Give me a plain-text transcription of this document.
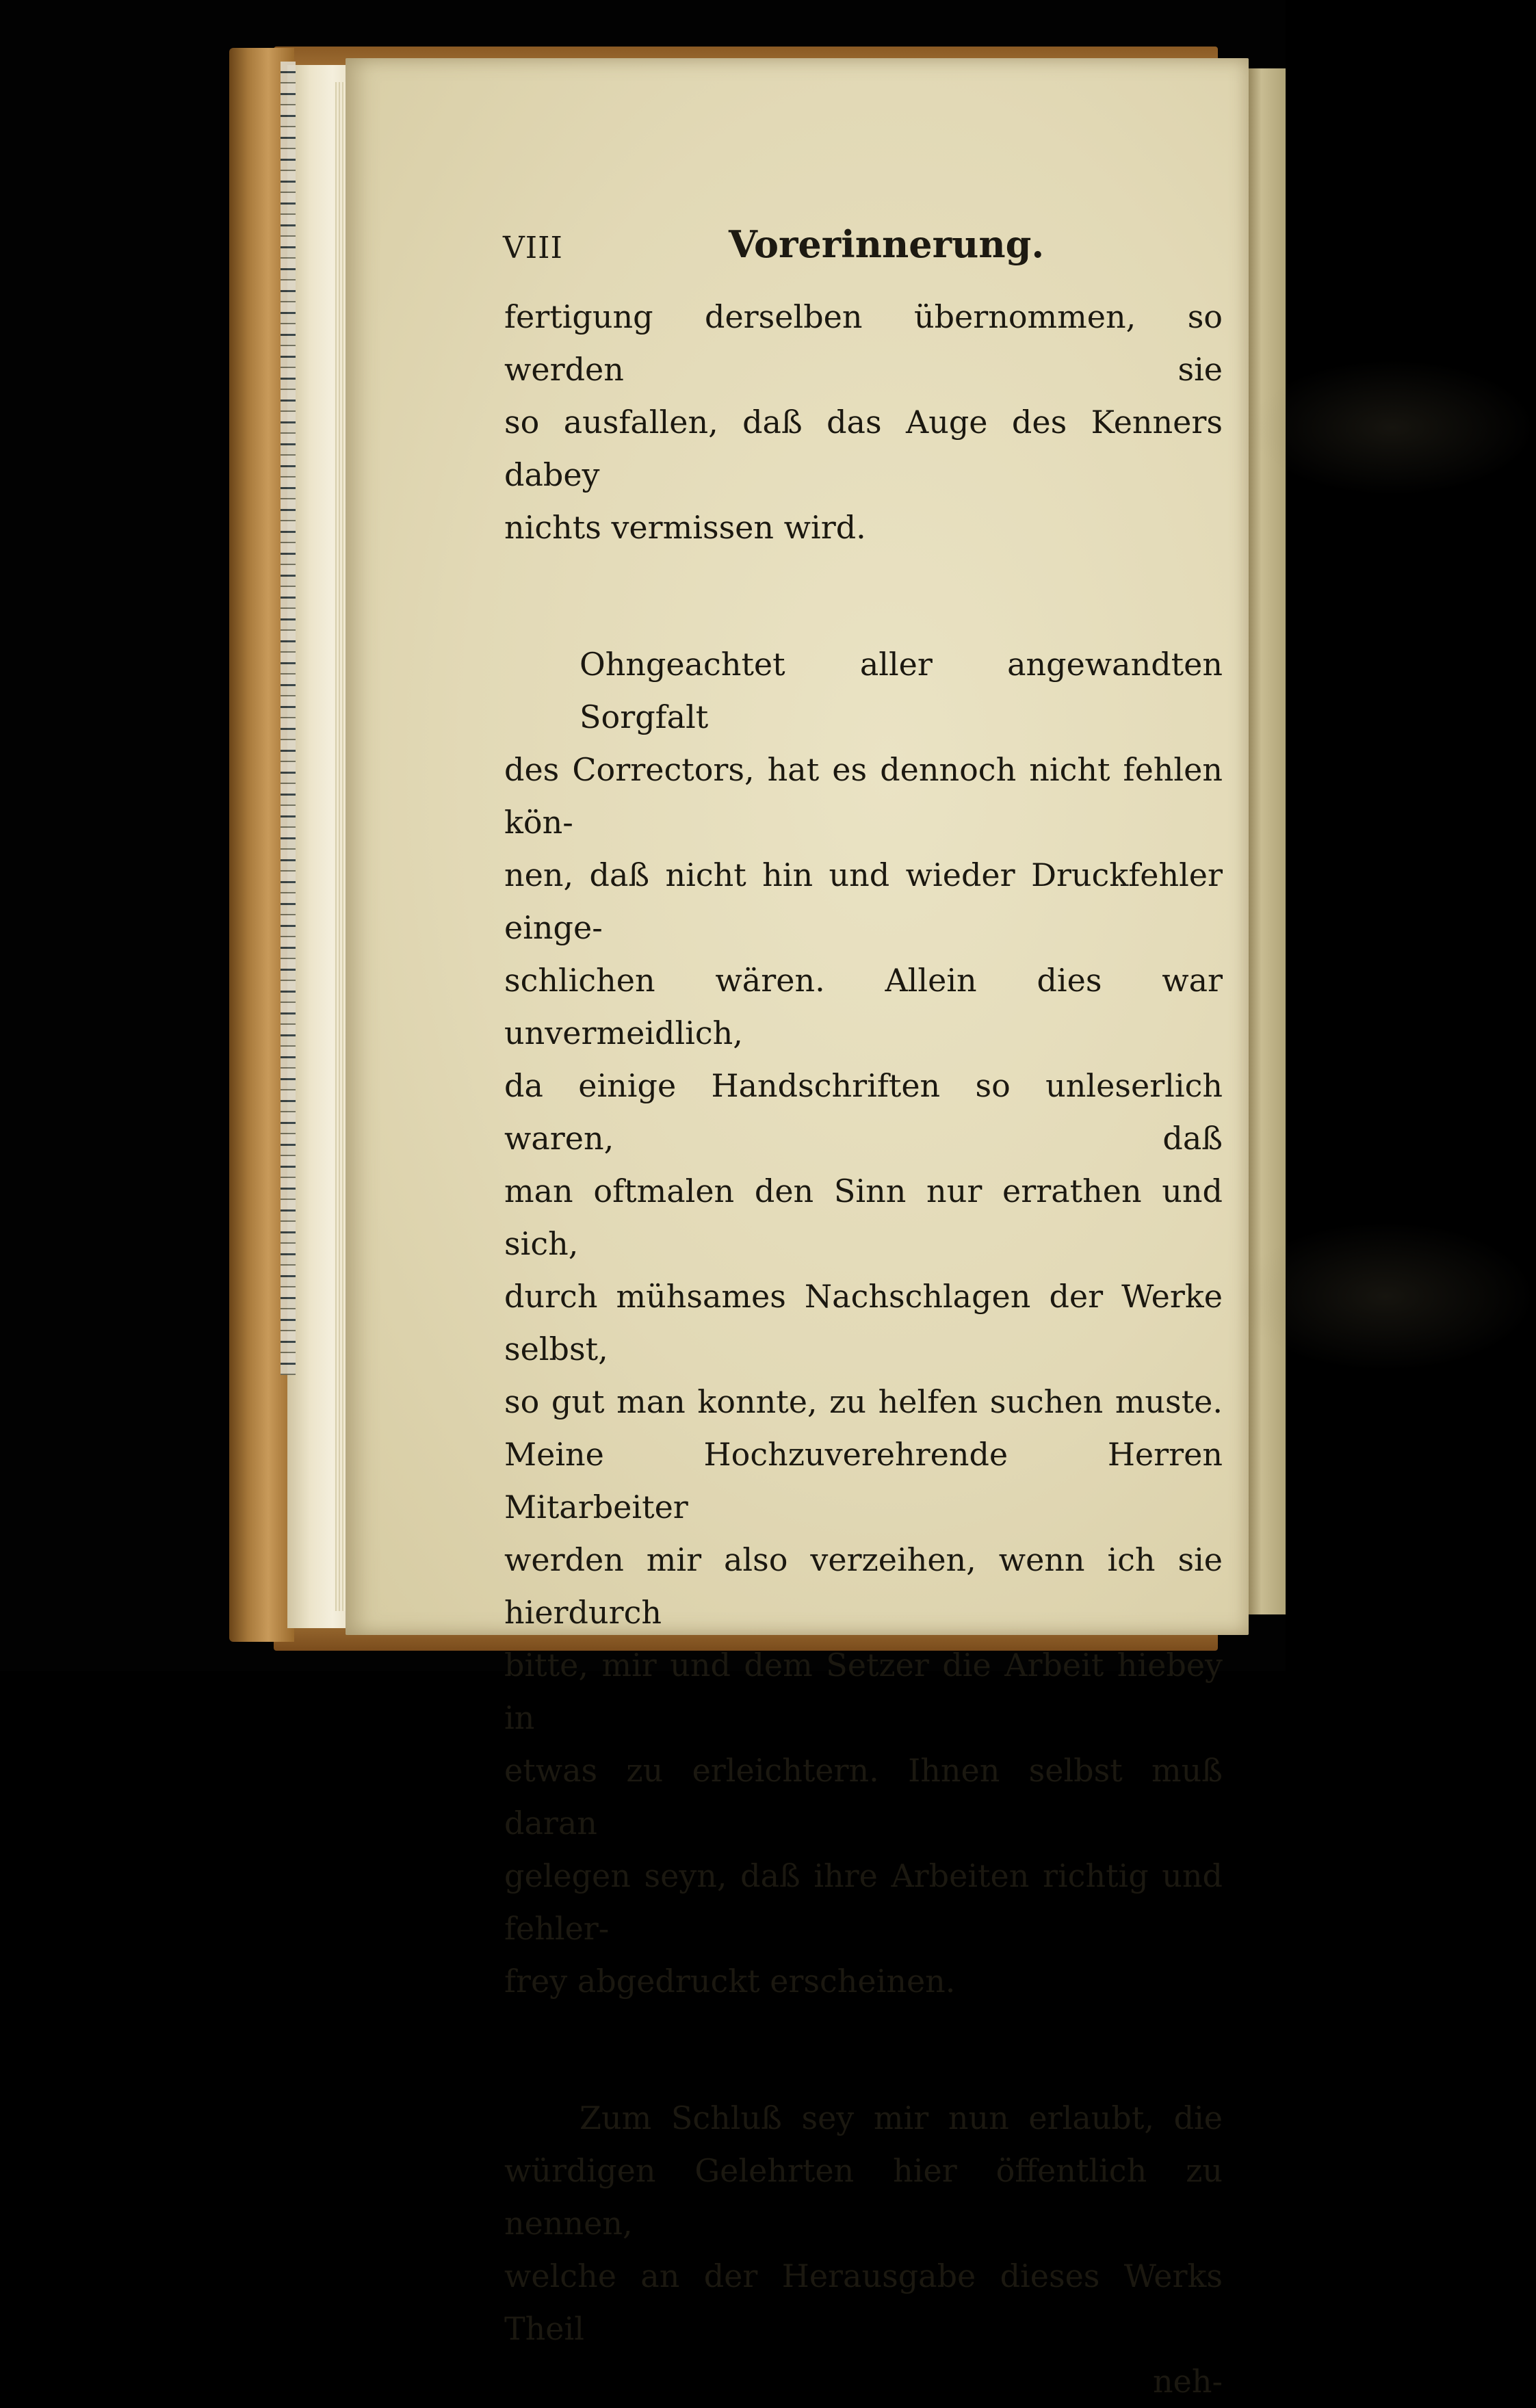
VIII	Vorerinnerung.
fertigung derselben übernommen, so werden sie
so ausfallen, daß das Auge des Kenners dabey
nichts vermissen wird.
Ohngeachtet aller angewandten Sorgfalt
des Correctors, hat es dennoch nicht fehlen kön-
nen, daß nicht hin und wieder Druckfehler einge-
schlichen wären. Allein dies war unvermeidlich,
da einige Handschriften so unleserlich waren, daß
man oftmalen den Sinn nur errathen und sich,
durch mühsames Nachschlagen der Werke selbst,
so gut man konnte, zu helfen suchen muste.
Meine Hochzuverehrende Herren Mitarbeiter
werden mir also verzeihen, wenn ich sie hierdurch
bitte, mir und dem Setzer die Arbeit hiebey in
etwas zu erleichtern. Ihnen selbst muß daran
gelegen seyn, daß ihre Arbeiten richtig und fehler-
frey abgedruckt erscheinen.
Zum Schluß sey mir nun erlaubt, die
würdigen Gelehrten hier öffentlich zu nennen,
welche an der Herausgabe dieses Werks Theil
neh-
